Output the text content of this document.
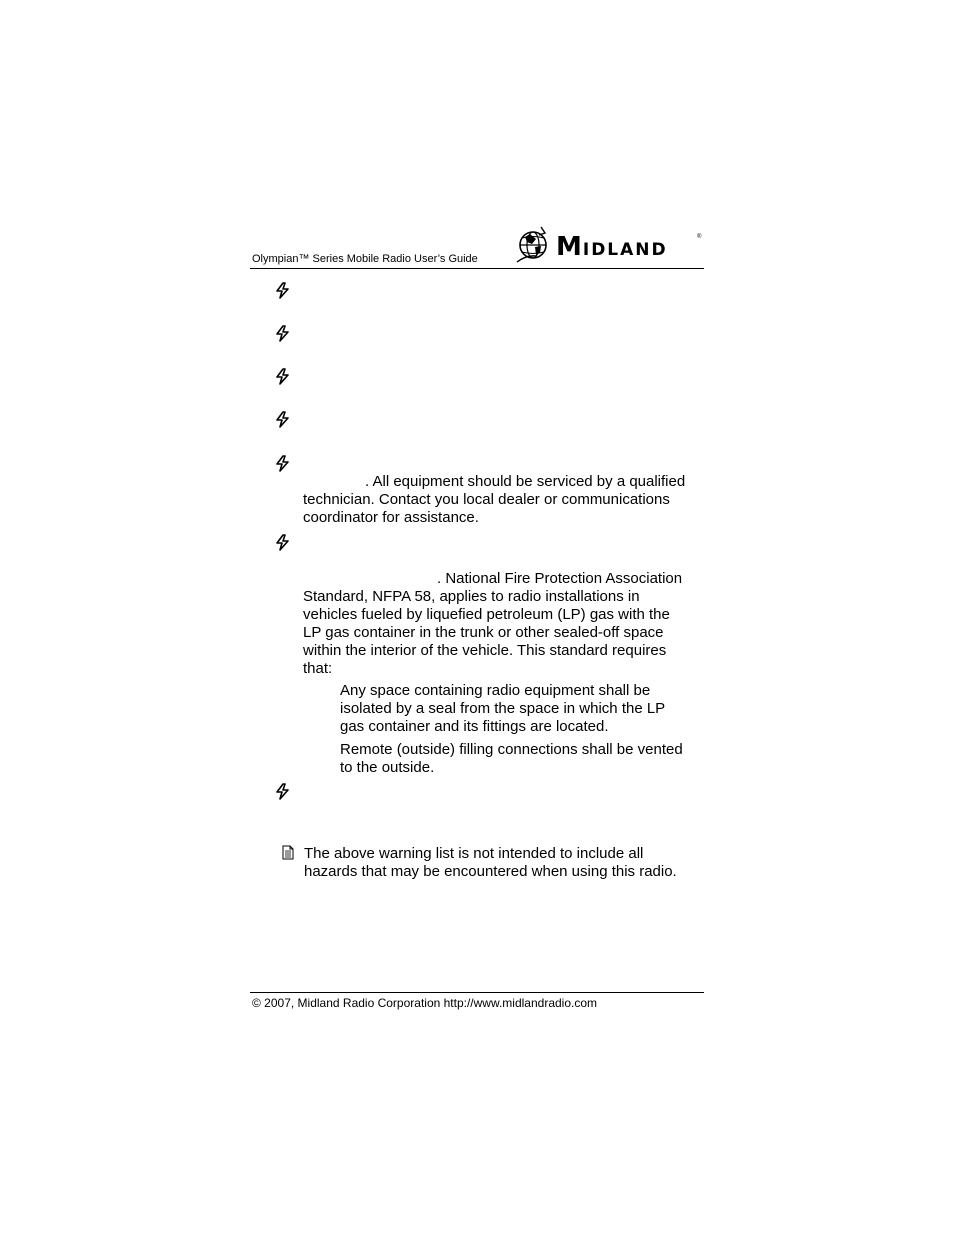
Olympian™ Series Mobile Radio User’s Guide	MIDLAND
®
. All equipment should be serviced by a qualified
technician. Contact you local dealer or communications
coordinator for assistance.
. National Fire Protection Association
Standard, NFPA 58, applies to radio installations in
vehicles fueled by liquefied petroleum (LP) gas with the
LP gas container in the trunk or other sealed-off space
within the interior of the vehicle. This standard requires
that:
Any space containing radio equipment shall be
isolated by a seal from the space in which the LP
gas container and its fittings are located.
Remote (outside) filling connections shall be vented
to the outside.
The above warning list is not intended to include all
hazards that may be encountered when using this radio.
© 2007, Midland Radio Corporation http://www.midlandradio.com
